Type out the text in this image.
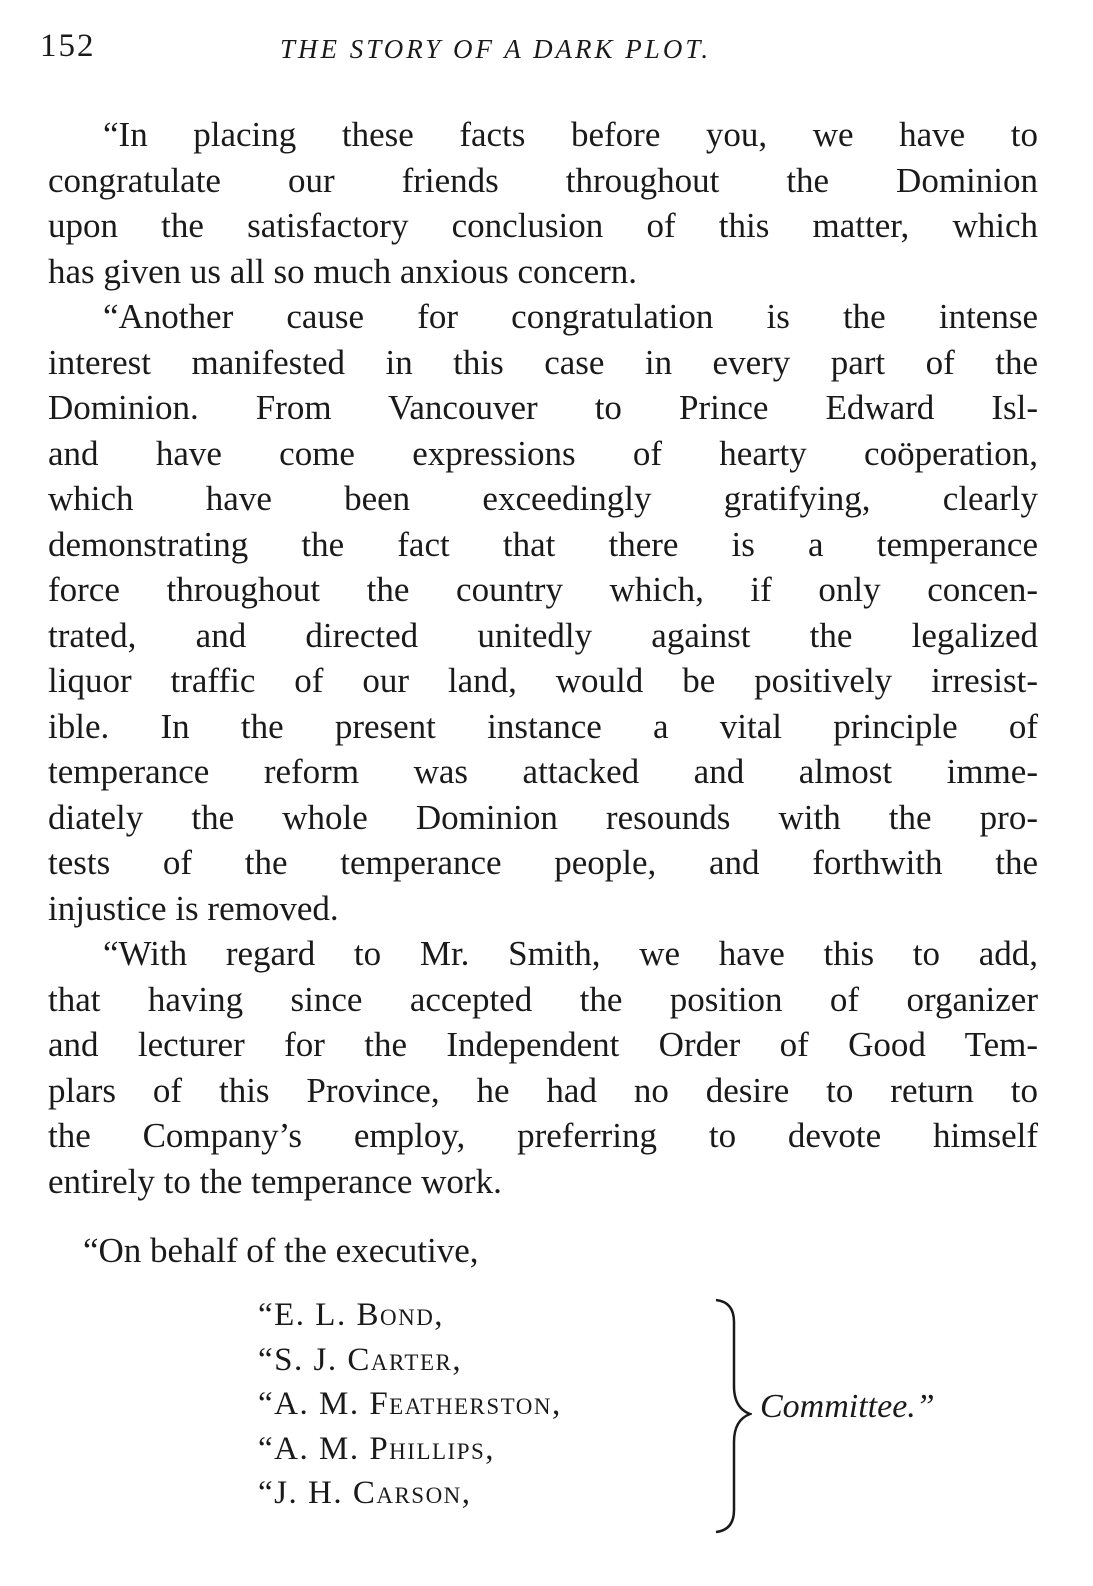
152	THE STORY OF A DARK PLOT.
“In placing these facts before you, we have to
congratulate our friends throughout the Dominion
upon the satisfactory conclusion of this matter, which
has given us all so much anxious concern.
“Another cause for congratulation is the intense
interest manifested in this case in every part of the
Dominion. From Vancouver to Prince Edward Isl-
and have come expressions of hearty coöperation,
which have been exceedingly gratifying, clearly
demonstrating the fact that there is a temperance
force throughout the country which, if only concen-
trated, and directed unitedly against the legalized
liquor traffic of our land, would be positively irresist-
ible. In the present instance a vital principle of
temperance reform was attacked and almost imme-
diately the whole Dominion resounds with the pro-
tests of the temperance people, and forthwith the
injustice is removed.
“With regard to Mr. Smith, we have this to add,
that having since accepted the position of organizer
and lecturer for the Independent Order of Good Tem-
plars of this Province, he had no desire to return to
the Company’s employ, preferring to devote himself
entirely to the temperance work.
“On behalf of the executive,
“E. L. Bond,
“S. J. Carter,
“A. M. Featherston,
“A. M. Phillips,
“J. H. Carson,
Committee.”
